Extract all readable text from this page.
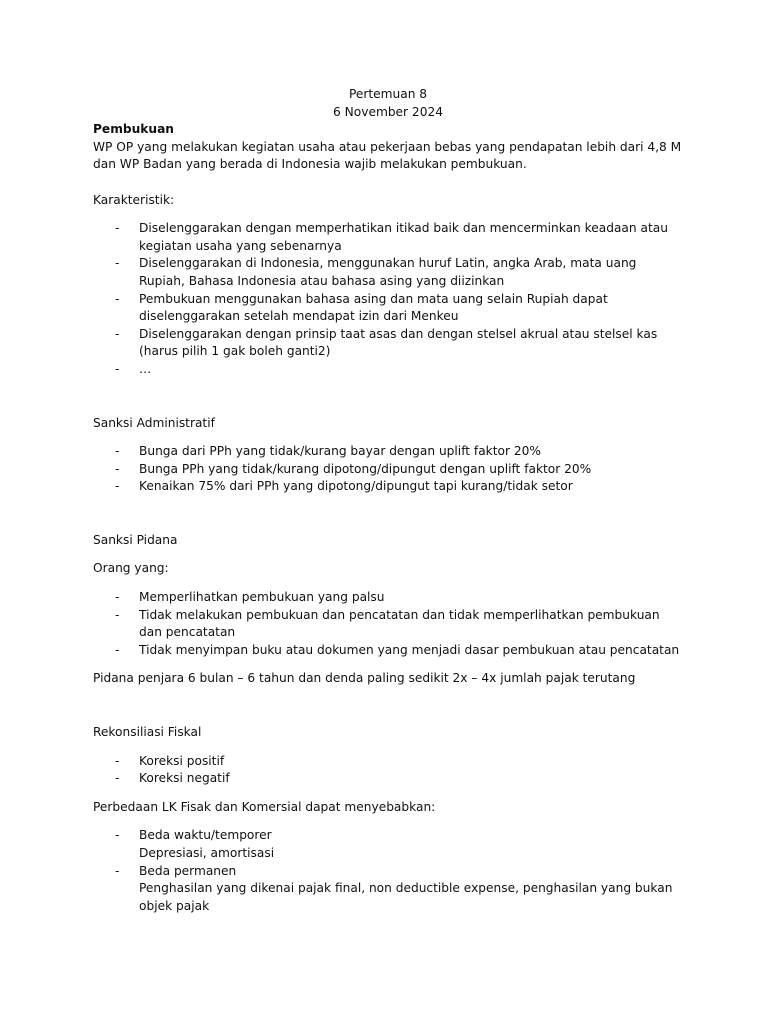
Pertemuan 8

6 November 2024

Pembukuan

WP OP yang melakukan kegiatan usaha atau pekerjaan bebas yang pendapatan lebih dari 4,8 M dan WP Badan yang berada di Indonesia wajib melakukan pembukuan.

Karakteristik:

- Diselenggarakan dengan memperhatikan itikad baik dan mencerminkan keadaan atau kegiatan usaha yang sebenarnya
- Diselenggarakan di Indonesia, menggunakan huruf Latin, angka Arab, mata uang Rupiah, Bahasa Indonesia atau bahasa asing yang diizinkan
- Pembukuan menggunakan bahasa asing dan mata uang selain Rupiah dapat diselenggarakan setelah mendapat izin dari Menkeu
- Diselenggarakan dengan prinsip taat asas dan dengan stelsel akrual atau stelsel kas (harus pilih 1 gak boleh ganti2)
- …

Sanksi Administratif

- Bunga dari PPh yang tidak/kurang bayar dengan uplift faktor 20%
- Bunga PPh yang tidak/kurang dipotong/dipungut dengan uplift faktor 20%
- Kenaikan 75% dari PPh yang dipotong/dipungut tapi kurang/tidak setor

Sanksi Pidana

Orang yang:

- Memperlihatkan pembukuan yang palsu
- Tidak melakukan pembukuan dan pencatatan dan tidak memperlihatkan pembukuan dan pencatatan
- Tidak menyimpan buku atau dokumen yang menjadi dasar pembukuan atau pencatatan

Pidana penjara 6 bulan – 6 tahun dan denda paling sedikit 2x – 4x jumlah pajak terutang

Rekonsiliasi Fiskal

- Koreksi positif
- Koreksi negatif

Perbedaan LK Fisak dan Komersial dapat menyebabkan:

- Beda waktu/temporer
Depresiasi, amortisasi
- Beda permanen
Penghasilan yang dikenai pajak final, non deductible expense, penghasilan yang bukan objek pajak
